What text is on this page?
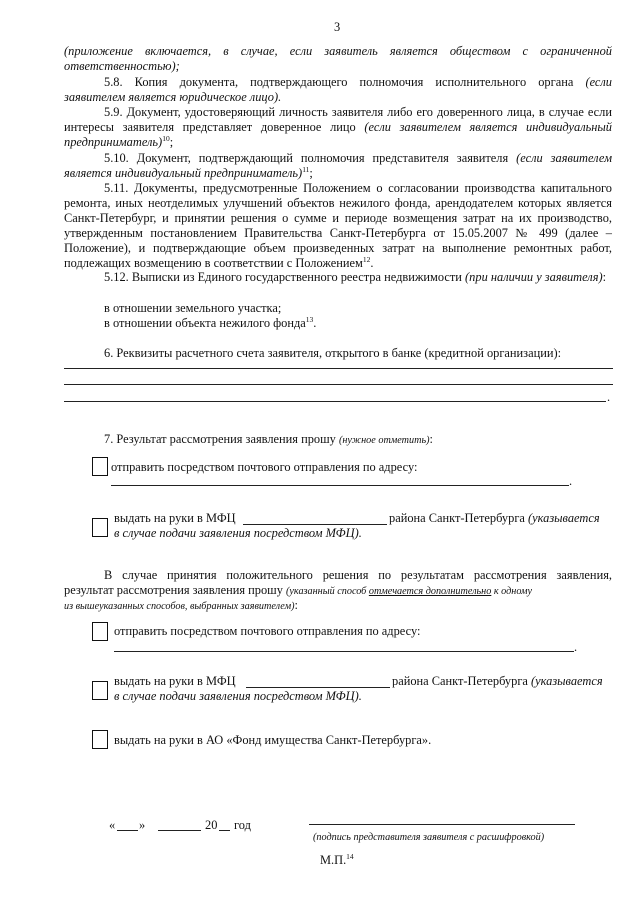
3
(приложение включается, в случае, если заявитель является обществом с ограниченной ответственностью);
5.8. Копия документа, подтверждающего полномочия исполнительного органа (если заявителем является юридическое лицо).
5.9. Документ, удостоверяющий личность заявителя либо его доверенного лица, в случае если интересы заявителя представляет доверенное лицо (если заявителем является индивидуальный предприниматель)$^{10}$;
5.10. Документ, подтверждающий полномочия представителя заявителя (если заявителем является индивидуальный предприниматель)$^{11}$;
5.11. Документы, предусмотренные Положением о согласовании производства капитального ремонта, иных неотделимых улучшений объектов нежилого фонда, арендодателем которых является Санкт-Петербург, и принятии решения о сумме и периоде возмещения затрат на их производство, утвержденным постановлением Правительства Санкт-Петербурга от 15.05.2007 № 499 (далее – Положение), и подтверждающие объем произведенных затрат на выполнение ремонтных работ, подлежащих возмещению в соответствии с Положением$^{12}$.
5.12. Выписки из Единого государственного реестра недвижимости (при наличии у заявителя):
в отношении земельного участка;
в отношении объекта нежилого фонда$^{13}$.
6. Реквизиты расчетного счета заявителя, открытого в банке (кредитной организации):
.
7. Результат рассмотрения заявления прошу (нужное отметить):
отправить посредством почтового отправления по адресу:
.
выдать на руки в МФЦ	района Санкт-Петербурга (указывается
в случае подачи заявления посредством МФЦ).
В случае принятия положительного решения по результатам рассмотрения заявления,
результат рассмотрения заявления прошу (указанный способ отмечается дополнительно к одному
из вышеуказанных способов, выбранных заявителем):
отправить посредством почтового отправления по адресу:
.
выдать на руки в МФЦ	района Санкт-Петербурга (указывается
в случае подачи заявления посредством МФЦ).
выдать на руки в АО «Фонд имущества Санкт-Петербурга».
« »	20 год
(подпись представителя заявителя с расшифровкой)
М.П.$^{14}$
